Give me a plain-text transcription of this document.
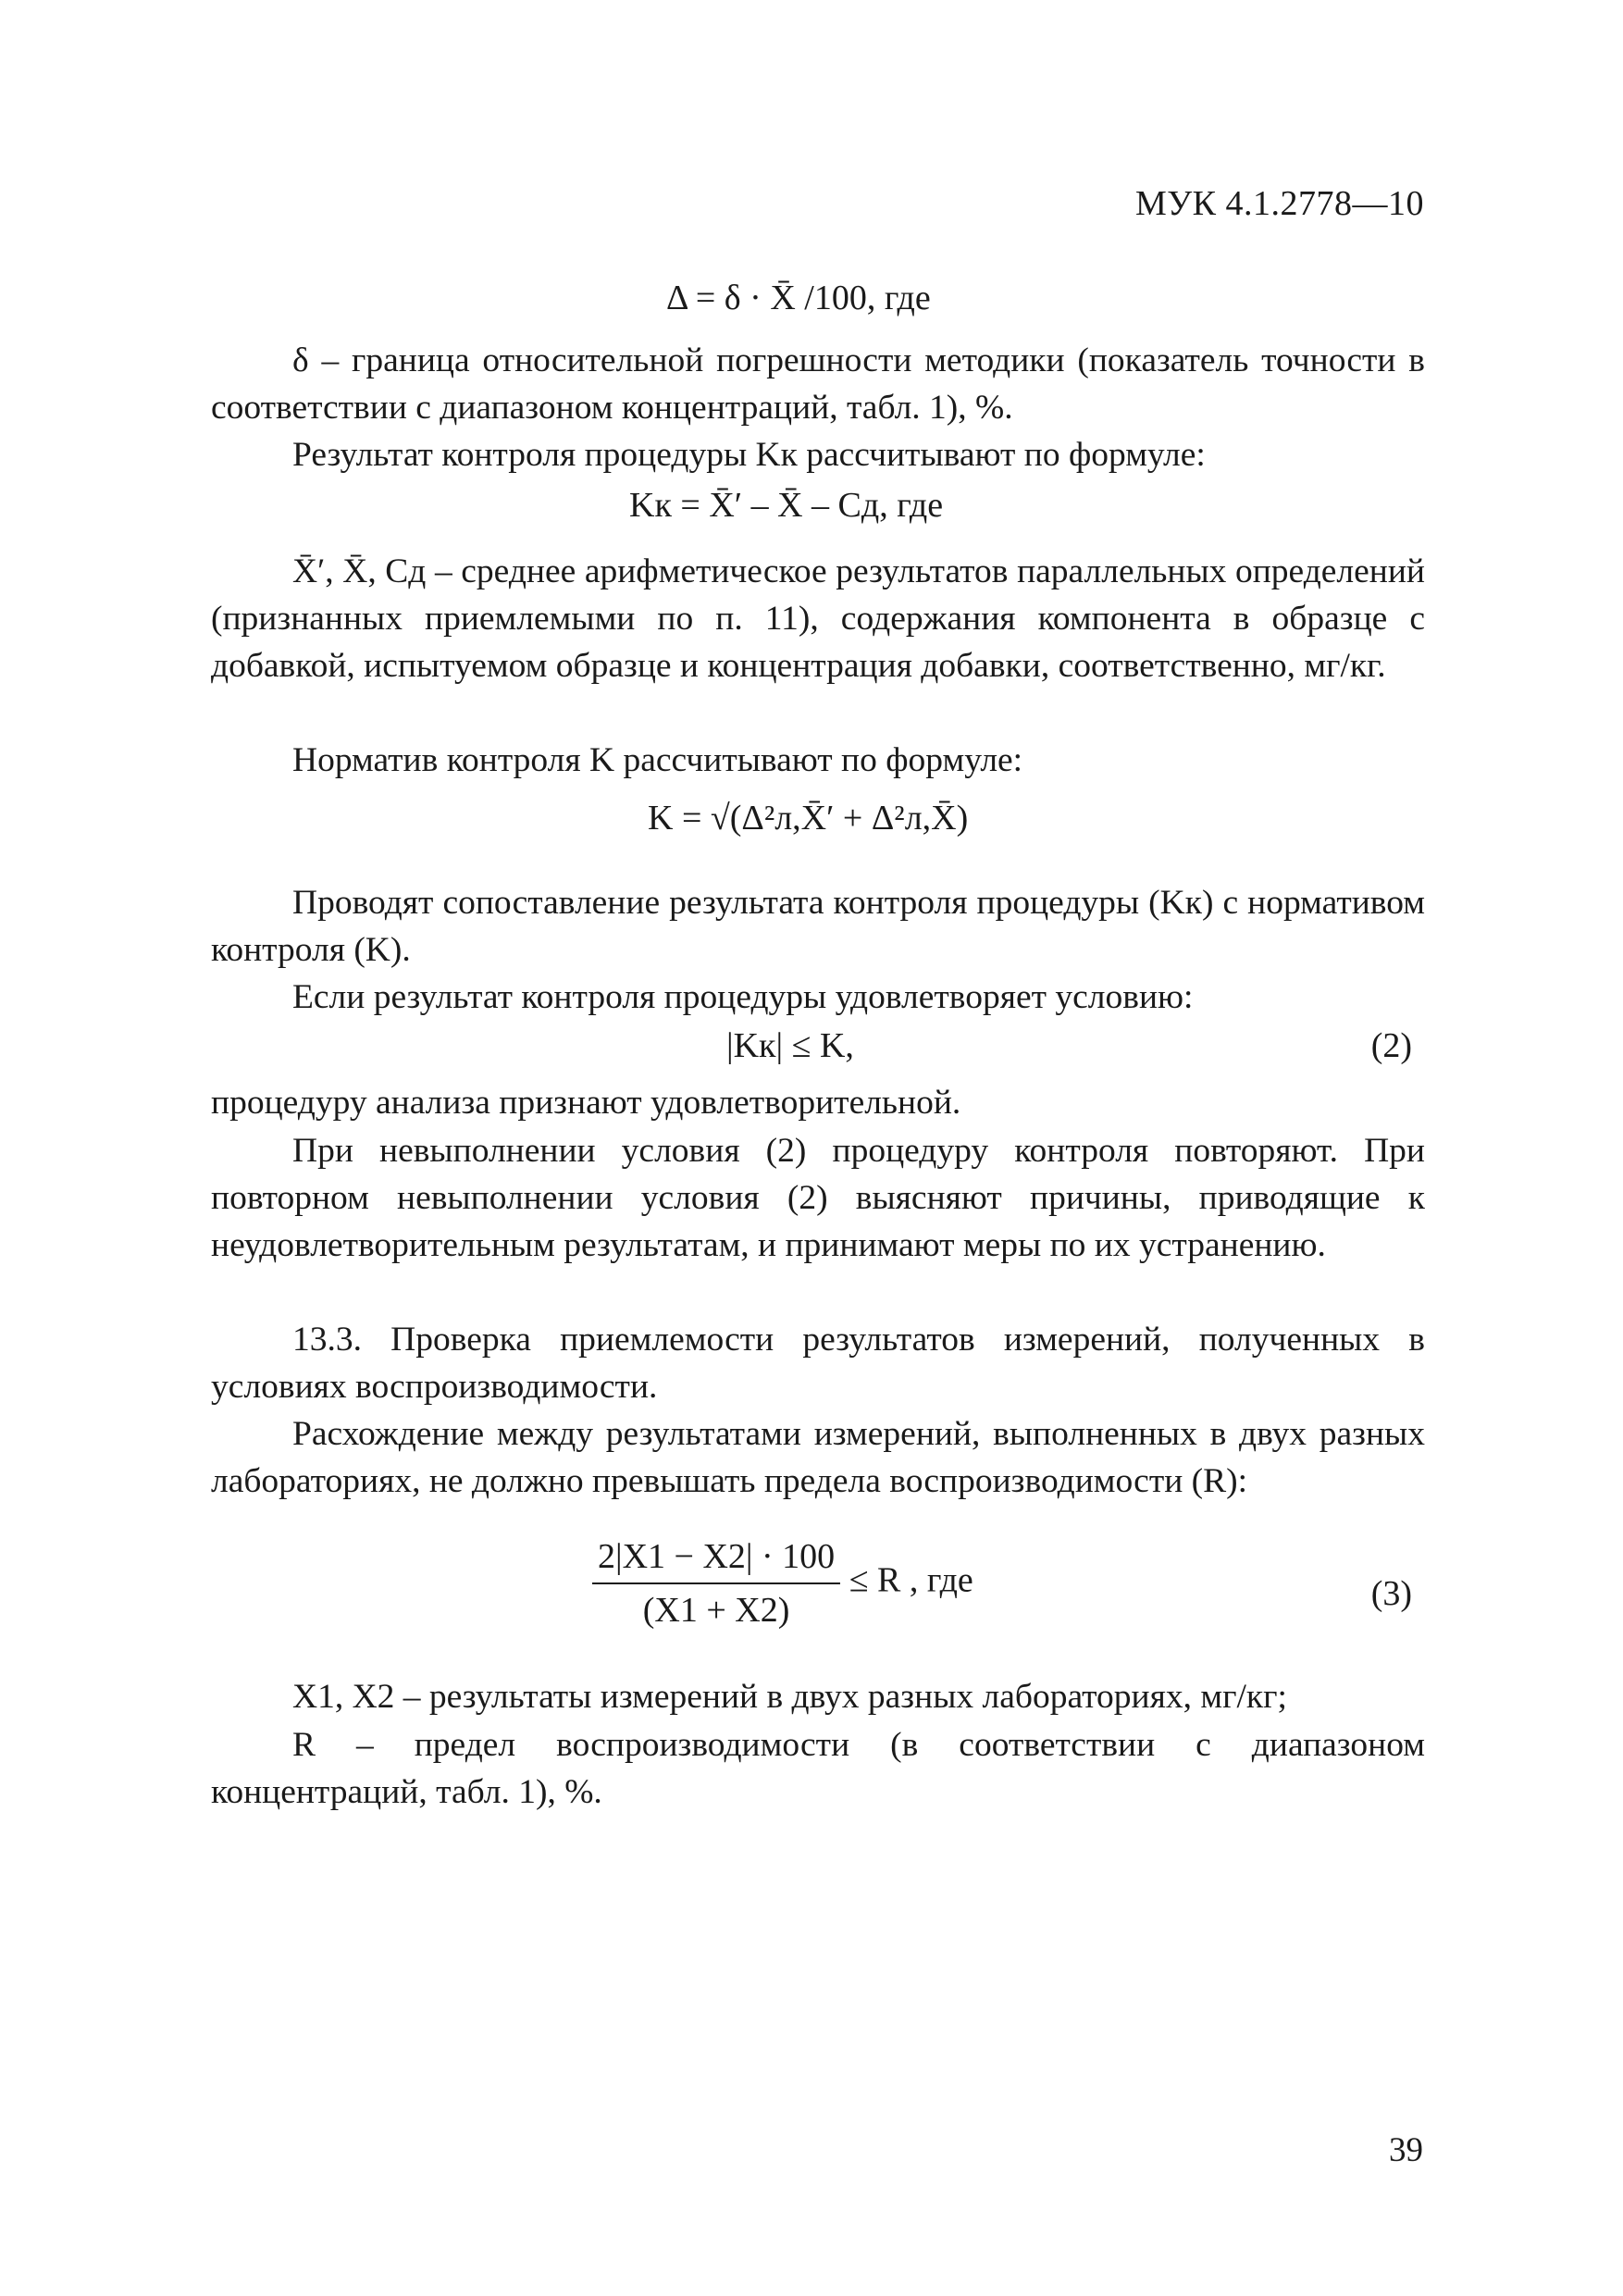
МУК 4.1.2778—10
Δ = δ · X̄ /100, где
δ – граница относительной погрешности методики (показатель точности в соответствии с диапазоном концентраций, табл. 1), %.
Результат контроля процедуры Kк рассчитывают по формуле:
Kк = X̄′ – X̄ – Cд, где
X̄′, X̄, Cд – среднее арифметическое результатов параллельных определений (признанных приемлемыми по п. 11), содержания компонента в образце с добавкой, испытуемом образце и концентрация добавки, соответственно, мг/кг.
Норматив контроля K рассчитывают по формуле:
K = √(Δ²л,X̄′ + Δ²л,X̄)
Проводят сопоставление результата контроля процедуры (Kк) с нормативом контроля (K).
Если результат контроля процедуры удовлетворяет условию:
|Kк| ≤ K,	(2)
процедуру анализа признают удовлетворительной.
При невыполнении условия (2) процедуру контроля повторяют. При повторном невыполнении условия (2) выясняют причины, приводящие к неудовлетворительным результатам, и принимают меры по их устранению.
13.3. Проверка приемлемости результатов измерений, полученных в условиях воспроизводимости.
Расхождение между результатами измерений, выполненных в двух разных лабораториях, не должно превышать предела воспроизводимости (R):
$\frac{2|X1 - X2| \cdot 100}{(X1 + X2)} \le R$ , где	(3)
X1, X2 – результаты измерений в двух разных лабораториях, мг/кг;
R – предел воспроизводимости (в соответствии с диапазоном концентраций, табл. 1), %.
39
